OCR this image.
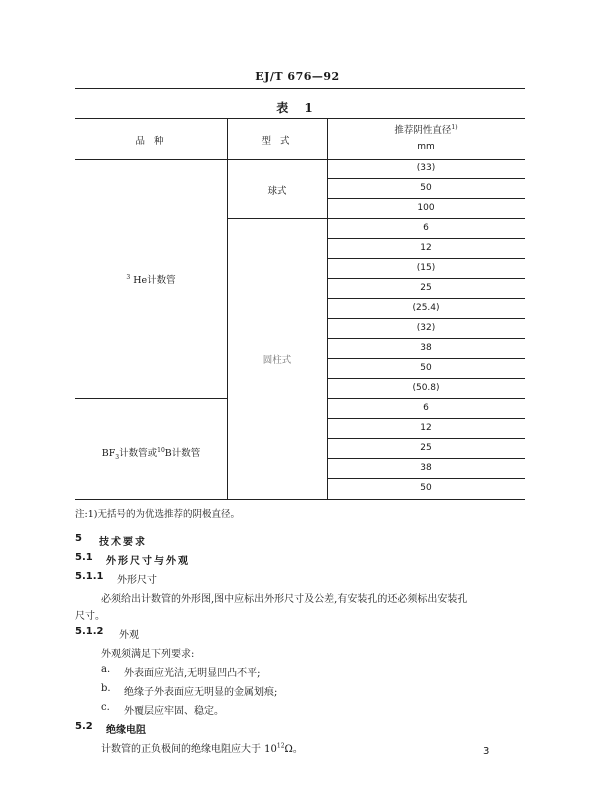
EJ/T 676—92
表 1
品 种	型 式
推荐阴性直径$^{1)}$
mm
球式
圆柱式
$^3$ He计数管
$BF_3$计数管或$^{10}$B计数管
(33)
50
100
6
12
(15)
25
(25.4)
(32)
38
50
(50.8)
6
12
25
38
50
注:1)无括号的为优选推荐的阴极直径。
5 技术要求
5.1 外形尺寸与外观
5.1.1 外形尺寸
必须给出计数管的外形图,图中应标出外形尺寸及公差,有安装孔的还必须标出安装孔
尺寸。
5.1.2 外观
外观须满足下列要求:
a. 外表面应光洁,无明显凹凸不平;
b. 绝缘子外表面应无明显的金属划痕;
c. 外覆层应牢固、稳定。
5.2 绝缘电阻
计数管的正负极间的绝缘电阻应大于 $10^{12}\Omega$。	3
